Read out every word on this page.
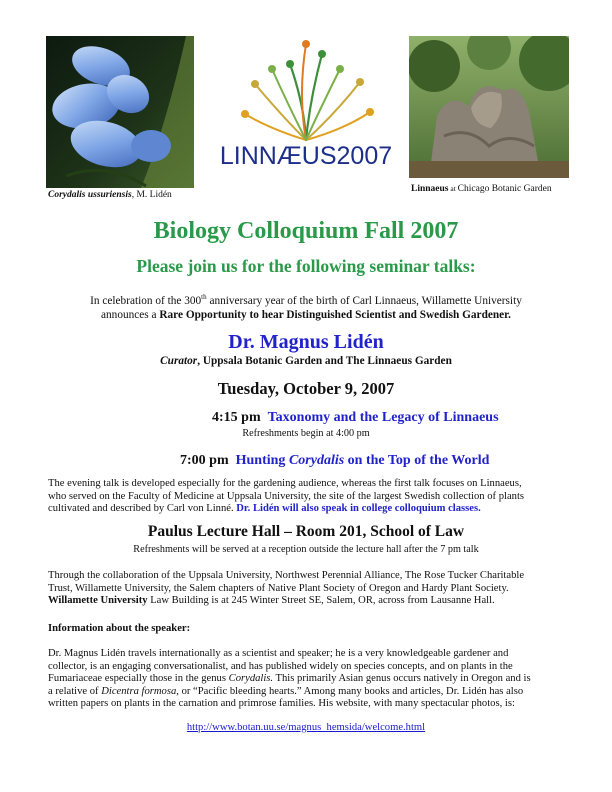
Corydalis ussuriensis, M. Lidén
LINNÆUS2007
Linnaeus at Chicago Botanic Garden
Biology Colloquium Fall 2007
Please join us for the following seminar talks:
In celebration of the 300th anniversary year of the birth of Carl Linnaeus, Willamette University
announces a Rare Opportunity to hear Distinguished Scientist and Swedish Gardener.
Dr. Magnus Lidén
Curator, Uppsala Botanic Garden and The Linnaeus Garden
Tuesday, October 9, 2007
4:15 pm Taxonomy and the Legacy of Linnaeus
Refreshments begin at 4:00 pm
7:00 pm Hunting Corydalis on the Top of the World
The evening talk is developed especially for the gardening audience, whereas the first talk focuses on Linnaeus,
who served on the Faculty of Medicine at Uppsala University, the site of the largest Swedish collection of plants
cultivated and described by Carl von Linné. Dr. Lidén will also speak in college colloquium classes.
Paulus Lecture Hall – Room 201, School of Law
Refreshments will be served at a reception outside the lecture hall after the 7 pm talk
Through the collaboration of the Uppsala University, Northwest Perennial Alliance, The Rose Tucker Charitable
Trust, Willamette University, the Salem chapters of Native Plant Society of Oregon and Hardy Plant Society.
Willamette University Law Building is at 245 Winter Street SE, Salem, OR, across from Lausanne Hall.
Information about the speaker:
Dr. Magnus Lidén travels internationally as a scientist and speaker; he is a very knowledgeable gardener and
collector, is an engaging conversationalist, and has published widely on species concepts, and on plants in the
Fumariaceae especially those in the genus Corydalis. This primarily Asian genus occurs natively in Oregon and is
a relative of Dicentra formosa, or “Pacific bleeding hearts.” Among many books and articles, Dr. Lidén has also
written papers on plants in the carnation and primrose families. His website, with many spectacular photos, is:
http://www.botan.uu.se/magnus_hemsida/welcome.html
